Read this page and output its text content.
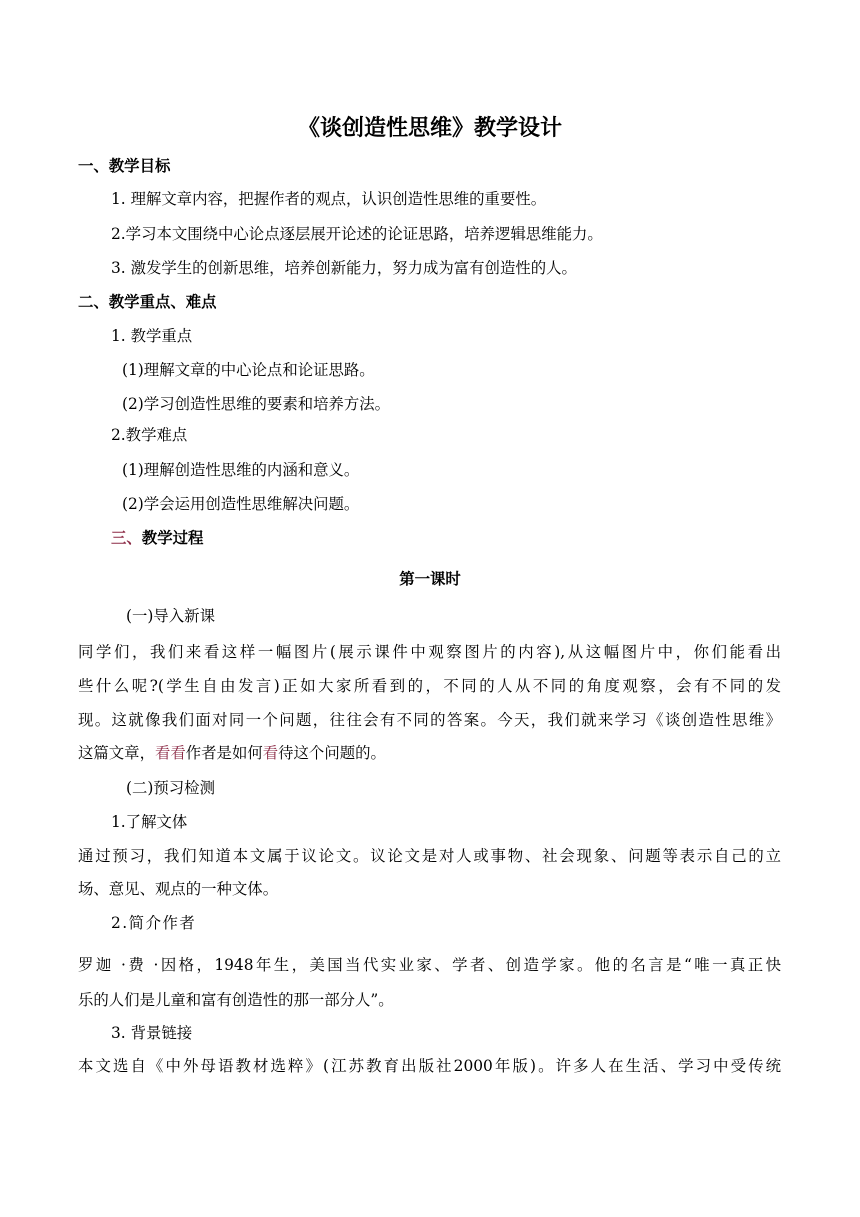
《谈创造性思维》教学设计
一、教学目标
1. 理解文章内容，把握作者的观点，认识创造性思维的重要性。
2.学习本文围绕中心论点逐层展开论述的论证思路，培养逻辑思维能力。
3. 激发学生的创新思维，培养创新能力，努力成为富有创造性的人。
二、教学重点、难点
1. 教学重点
(1)理解文章的中心论点和论证思路。
(2)学习创造性思维的要素和培养方法。
2.教学难点
(1)理解创造性思维的内涵和意义。
(2)学会运用创造性思维解决问题。
三、教学过程
第一课时
(一)导入新课
同学们，我们来看这样一幅图片(展示课件中观察图片的内容),从这幅图片中，你们能看出
些什么呢?(学生自由发言)正如大家所看到的，不同的人从不同的角度观察，会有不同的发
现。这就像我们面对同一个问题，往往会有不同的答案。今天，我们就来学习《谈创造性思维》
这篇文章，看看作者是如何看待这个问题的。
(二)预习检测
1.了解文体
通过预习，我们知道本文属于议论文。议论文是对人或事物、社会现象、问题等表示自己的立
场、意见、观点的一种文体。
2.简介作者
罗迦 ·费 ·因格，1948年生，美国当代实业家、学者、创造学家。他的名言是“唯一真正快
乐的人们是儿童和富有创造性的那一部分人”。
3. 背景链接
本文选自《中外母语教材选粹》(江苏教育出版社2000年版)。许多人在生活、学习中受传统
